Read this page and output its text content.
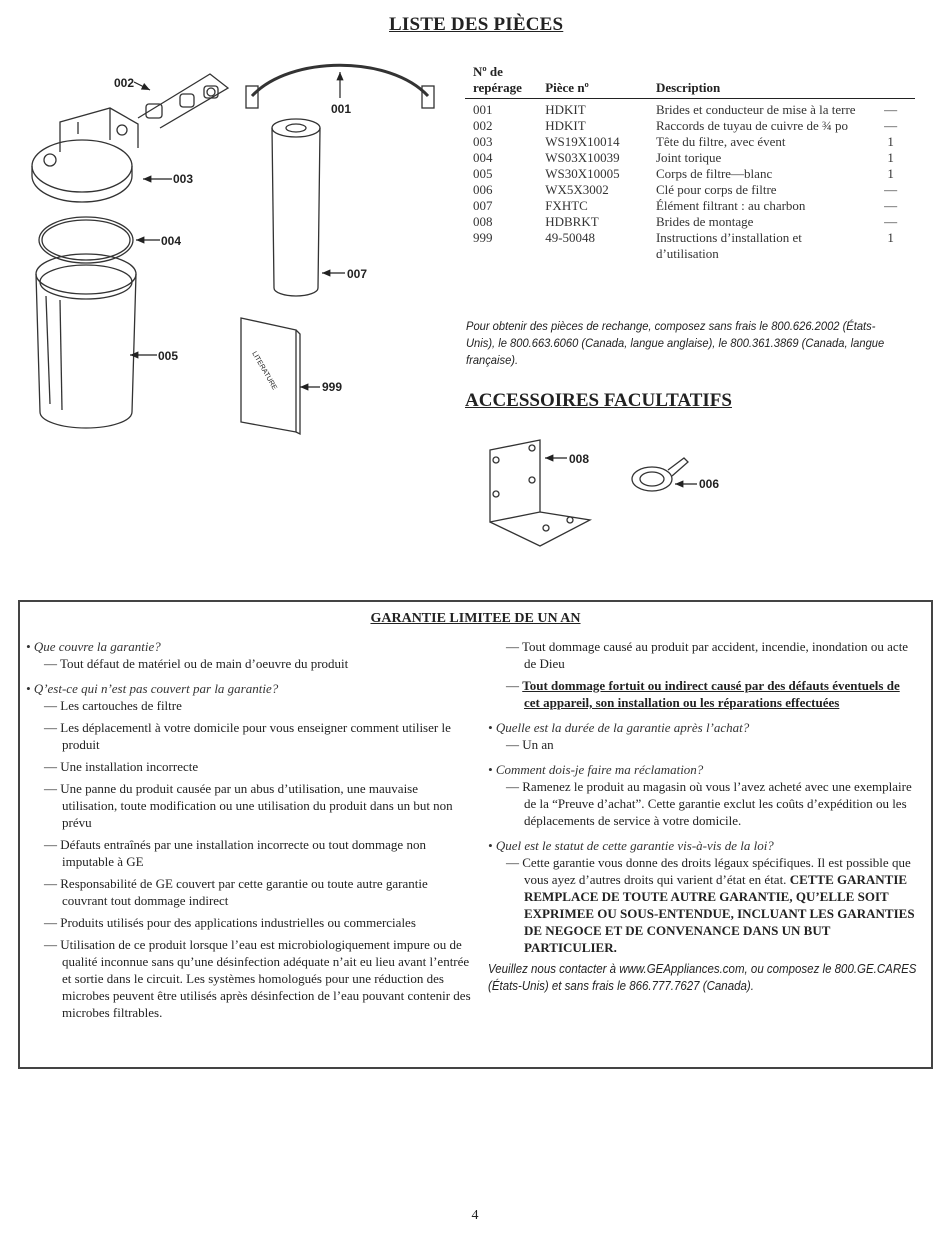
LISTE DES PIÈCES
LITERATURE
002
001
003
004
007
005
999
008
006
Nº de repérage	Pièce nº	Description	
001	HDKIT	Brides et conducteur de mise à la terre	—
002	HDKIT	Raccords de tuyau de cuivre de ¾ po	—
003	WS19X10014	Tête du filtre, avec évent	1
004	WS03X10039	Joint torique	1
005	WS30X10005	Corps de filtre—blanc	1
006	WX5X3002	Clé pour corps de filtre	—
007	FXHTC	Élément filtrant : au charbon	—
008	HDBRKT	Brides de montage	—
999	49-50048	Instructions d’installation et d’utilisation	1

Pour obtenir des pièces de rechange, composez sans frais le 800.626.2002 (États-Unis), le 800.663.6060 (Canada, langue anglaise), le 800.361.3869 (Canada, langue française).

ACCESSOIRES FACULTATIFS
GARANTIE LIMITEE DE UN AN

• Que couvre la garantie?

— Tout défaut de matériel ou de main d’oeuvre du produit

• Q’est-ce qui n’est pas couvert par la garantie?

— Les cartouches de filtre

— Les déplacementl à votre domicile pour vous enseigner comment utiliser le produit

— Une installation incorrecte

— Une panne du produit causée par un abus d’utilisation, une mauvaise utilisation, toute modification ou une utilisation du produit dans un but non prévu

— Défauts entraînés par une installation incorrecte ou tout dommage non imputable à GE

— Responsabilité de GE couvert par cette garantie ou toute autre garantie couvrant tout dommage indirect

— Produits utilisés pour des applications industrielles ou commerciales

— Utilisation de ce produit lorsque l’eau est microbiologiquement impure ou de qualité inconnue sans qu’une désinfection adéquate n’ait eu lieu avant l’entrée et sortie dans le circuit. Les systèmes homologués pour une réduction des microbes peuvent être utilisés après désinfection de l’eau pouvant contenir des microbes filtrables.

— Tout dommage causé au produit par accident, incendie, inondation ou acte de Dieu

— Tout dommage fortuit ou indirect causé par des défauts éventuels de cet appareil, son installation ou les réparations effectuées

• Quelle est la durée de la garantie après l’achat?

— Un an

• Comment dois-je faire ma réclamation?

— Ramenez le produit au magasin où vous l’avez acheté avec une exemplaire de la “Preuve d’achat”. Cette garantie exclut les coûts d’expédition ou les déplacements de service à votre domicile.

• Quel est le statut de cette garantie vis-à-vis de la loi?

— Cette garantie vous donne des droits légaux spécifiques. Il est possible que vous ayez d’autres droits qui varient d’état en état. CETTE GARANTIE REMPLACE DE TOUTE AUTRE GARANTIE, QU’ELLE SOIT EXPRIMEE OU SOUS-ENTENDUE, INCLUANT LES GARANTIES DE NEGOCE ET DE CONVENANCE DANS UN BUT PARTICULIER.

Veuillez nous contacter à www.GEAppliances.com, ou composez le 800.GE.CARES (États-Unis) et sans frais le 866.777.7627 (Canada).

4
